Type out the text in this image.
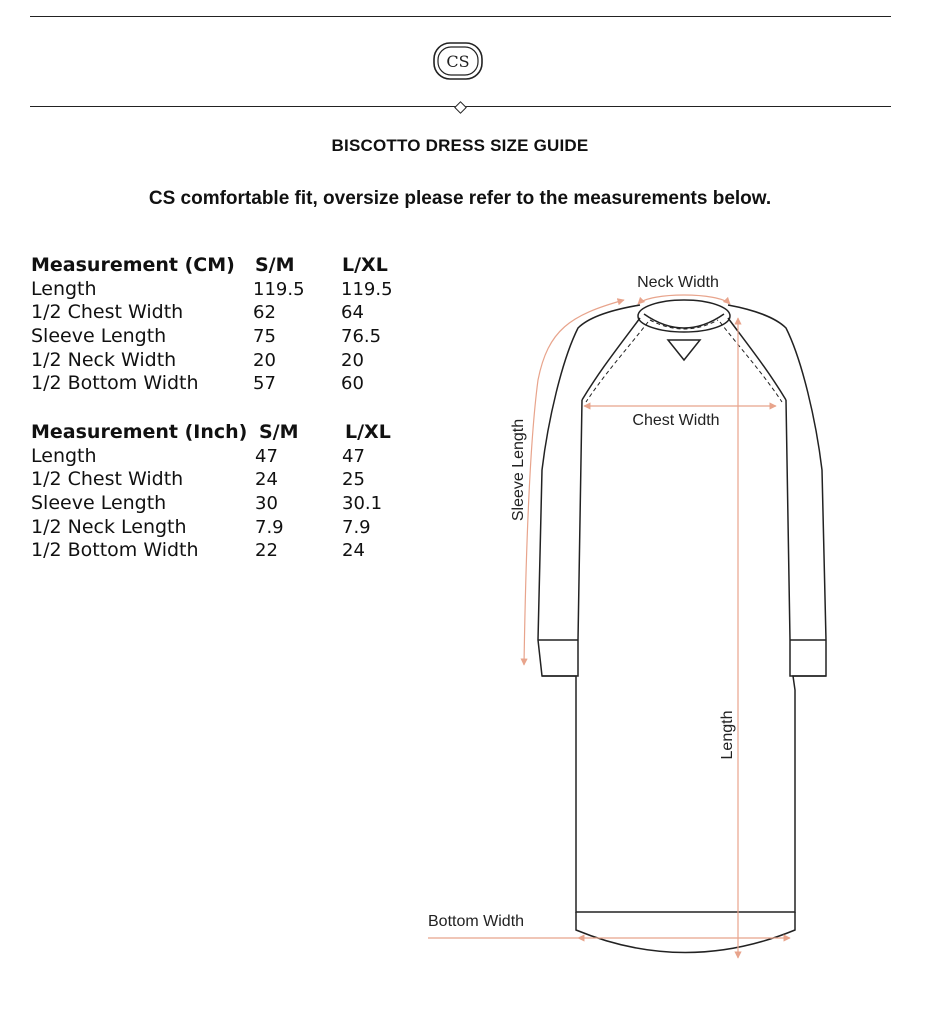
CS
BISCOTTO DRESS SIZE GUIDE
CS comfortable fit, oversize please refer to the measurements below.
Measurement (CM) S/M L/XL
Length	119.5 119.5
1/2 Chest Width	62	64
Sleeve Length	75	76.5
1/2 Neck Width	20	20
1/2 Bottom Width	57	60
Measurement (Inch) S/M L/XL
Length	47	47
1/2 Chest Width	24	25
Sleeve Length	30	30.1
1/2 Neck Length	7.9	7.9
1/2 Bottom Width	22	24
Neck Width
Chest Width
Bottom Width
Sleeve Length
Length
